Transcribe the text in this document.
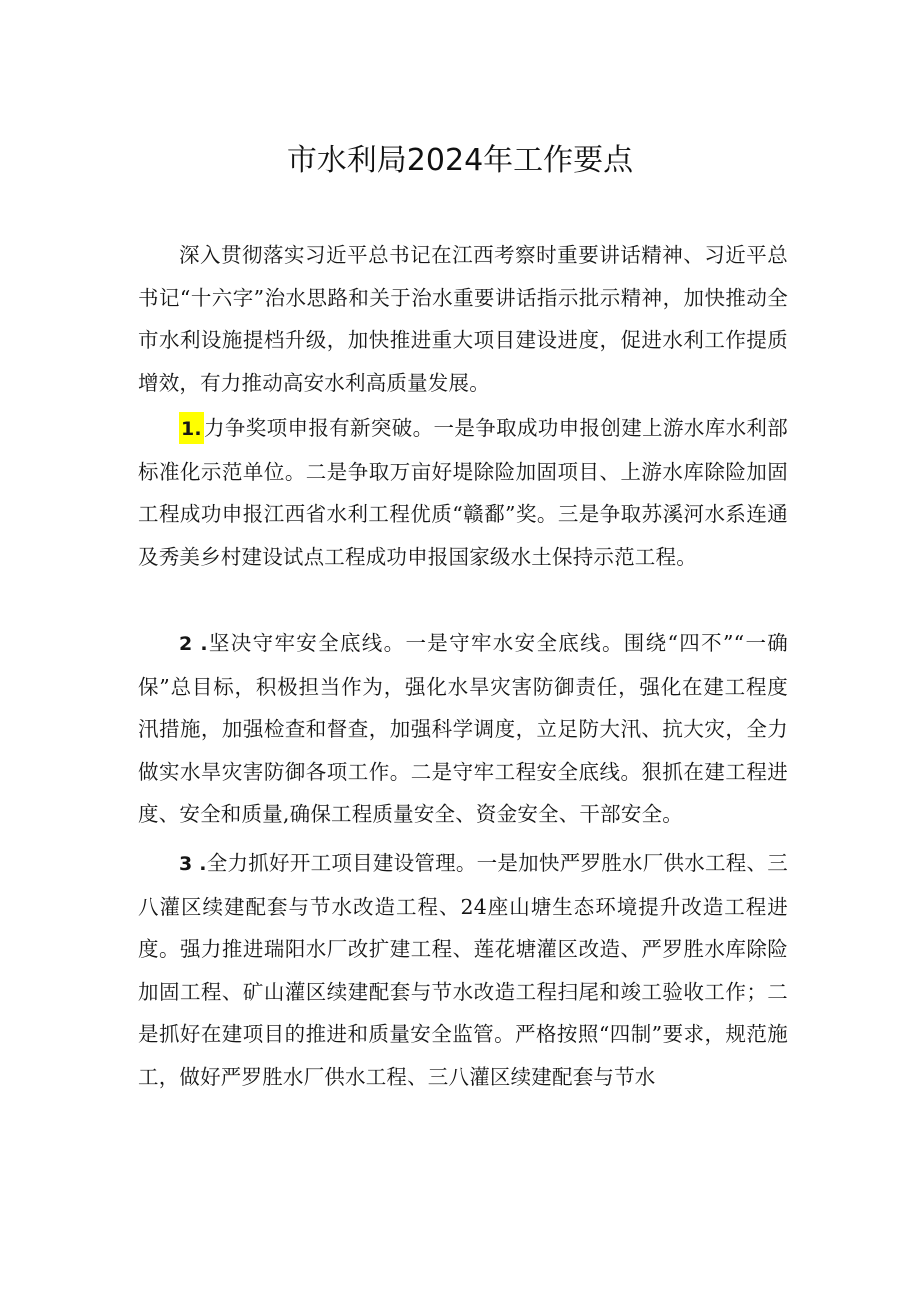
市水利局2024年工作要点

深入贯彻落实习近平总书记在江西考察时重要讲话精神、习近平总书记“十六字”治水思路和关于治水重要讲话指示批示精神，加快推动全市水利设施提档升级，加快推进重大项目建设进度，促进水利工作提质增效，有力推动高安水利高质量发展。

1.力争奖项申报有新突破。一是争取成功申报创建上游水库水利部标准化示范单位。二是争取万亩好堤除险加固项目、上游水库除险加固工程成功申报江西省水利工程优质“赣鄱”奖。三是争取苏溪河水系连通及秀美乡村建设试点工程成功申报国家级水土保持示范工程。

2 .坚决守牢安全底线。一是守牢水安全底线。围绕“四不”“一确保”总目标，积极担当作为，强化水旱灾害防御责任，强化在建工程度汛措施，加强检查和督查，加强科学调度，立足防大汛、抗大灾，全力做实水旱灾害防御各项工作。二是守牢工程安全底线。狠抓在建工程进度、安全和质量,确保工程质量安全、资金安全、干部安全。

3 .全力抓好开工项目建设管理。一是加快严罗胜水厂供水工程、三八灌区续建配套与节水改造工程、24座山塘生态环境提升改造工程进度。强力推进瑞阳水厂改扩建工程、莲花塘灌区改造、严罗胜水库除险加固工程、矿山灌区续建配套与节水改造工程扫尾和竣工验收工作；二是抓好在建项目的推进和质量安全监管。严格按照“四制”要求，规范施工，做好严罗胜水厂供水工程、三八灌区续建配套与节水
